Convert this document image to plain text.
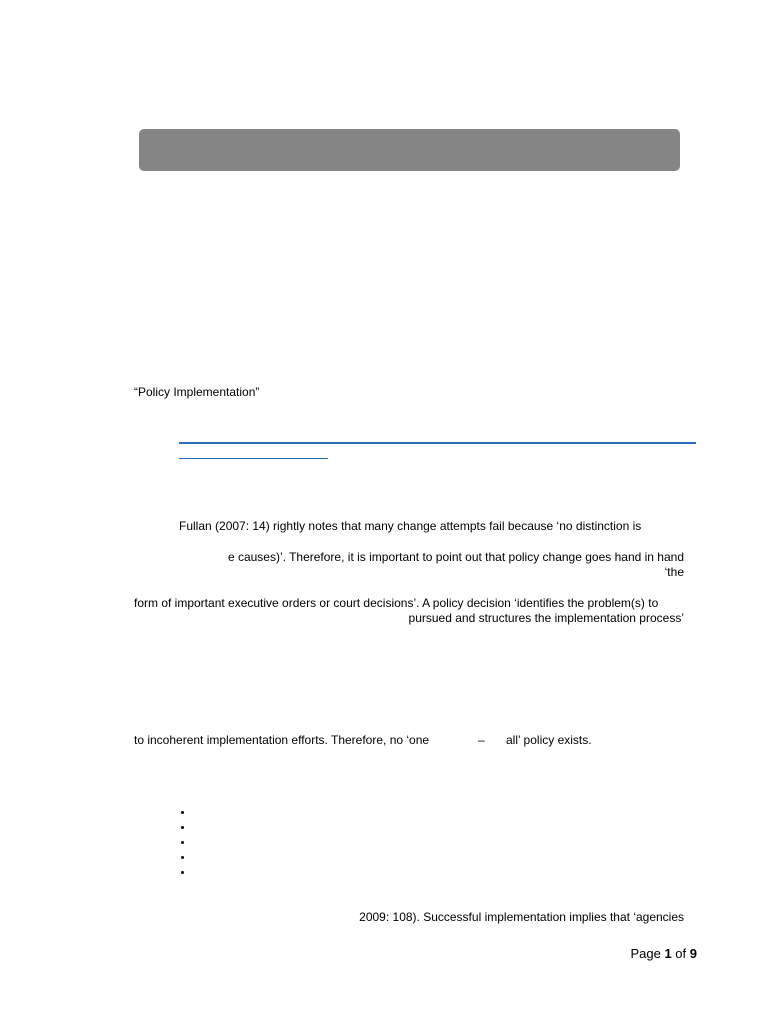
“Policy Implementation”
Fullan (2007: 14) rightly notes that many change attempts fail because ‘no distinction is
e causes)’. Therefore, it is important to point out that policy change goes hand in hand
‘the
form of important executive orders or court decisions’. A policy decision ‘identifies the problem(s) to
pursued and structures the implementation process’
to incoherent implementation efforts. Therefore, no ‘one	– all’ policy exists.
2009: 108). Successful implementation implies that ‘agencies
Page 1 of 9
